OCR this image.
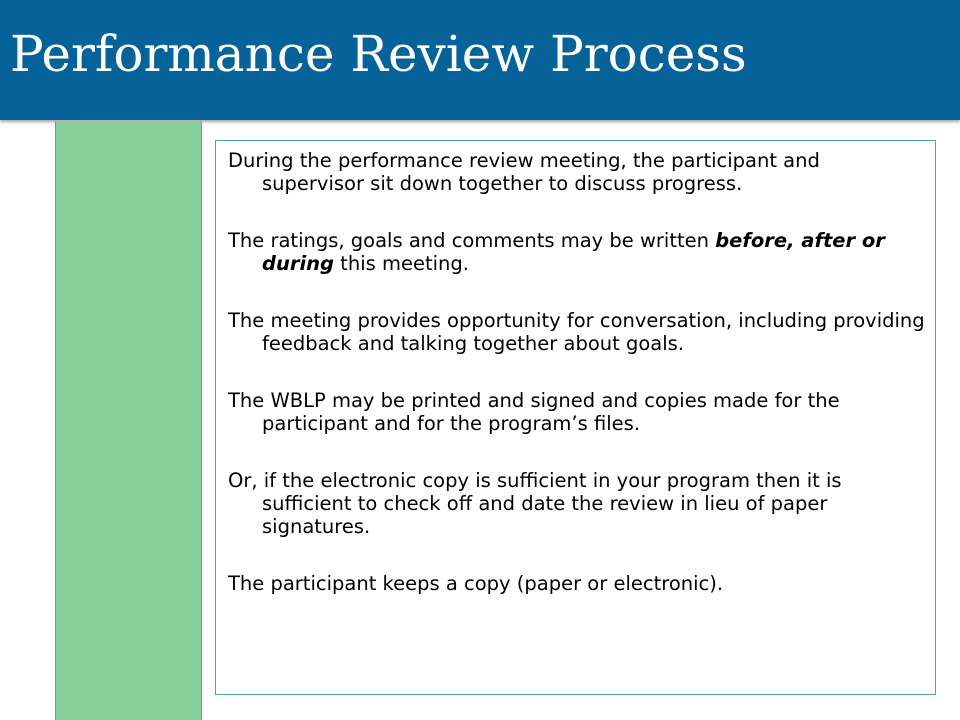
Performance Review Process
During the performance review meeting, the participant and supervisor sit down together to discuss progress.
The ratings, goals and comments may be written before, after or during this meeting.
The meeting provides opportunity for conversation, including providing feedback and talking together about goals.
The WBLP may be printed and signed and copies made for the participant and for the program’s files.
Or, if the electronic copy is sufficient in your program then it is sufficient to check off and date the review in lieu of paper signatures.
The participant keeps a copy (paper or electronic).
